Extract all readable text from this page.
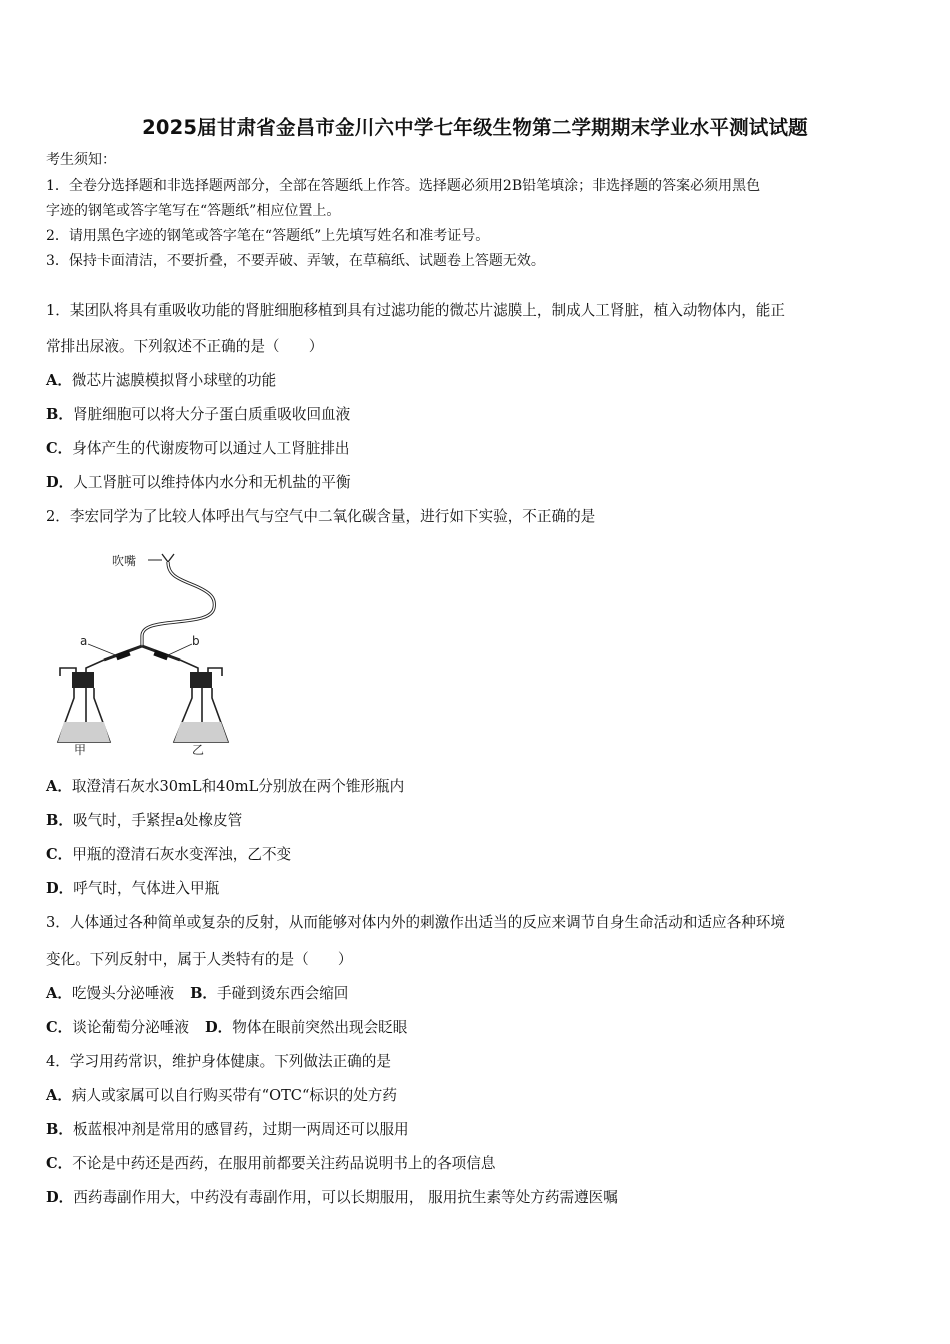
2025届甘肃省金昌市金川六中学七年级生物第二学期期末学业水平测试试题
考生须知：
1．全卷分选择题和非选择题两部分，全部在答题纸上作答。选择题必须用2B铅笔填涂；非选择题的答案必须用黑色
字迹的钢笔或答字笔写在“答题纸”相应位置上。
2．请用黑色字迹的钢笔或答字笔在“答题纸”上先填写姓名和准考证号。
3．保持卡面清洁，不要折叠，不要弄破、弄皱，在草稿纸、试题卷上答题无效。
1．某团队将具有重吸收功能的肾脏细胞移植到具有过滤功能的微芯片滤膜上，制成人工肾脏，植入动物体内，能正
常排出尿液。下列叙述不正确的是（　　）
A．微芯片滤膜模拟肾小球壁的功能
B．肾脏细胞可以将大分子蛋白质重吸收回血液
C．身体产生的代谢废物可以通过人工肾脏排出
D．人工肾脏可以维持体内水分和无机盐的平衡
2．李宏同学为了比较人体呼出气与空气中二氧化碳含量，进行如下实验，不正确的是
吹嘴
a	b
甲	乙
A．取澄清石灰水30mL和40mL分别放在两个锥形瓶内
B．吸气时，手紧捏a处橡皮管
C．甲瓶的澄清石灰水变浑浊，乙不变
D．呼气时，气体进入甲瓶
3．人体通过各种简单或复杂的反射，从而能够对体内外的刺激作出适当的反应来调节自身生命活动和适应各种环境
变化。下列反射中，属于人类特有的是（　　）
A．吃馒头分泌唾液 B．手碰到烫东西会缩回
C．谈论葡萄分泌唾液 D．物体在眼前突然出现会眨眼
4．学习用药常识，维护身体健康。下列做法正确的是
A．病人或家属可以自行购买带有“OTC“标识的处方药
B．板蓝根冲剂是常用的感冒药，过期一两周还可以服用
C．不论是中药还是西药，在服用前都要关注药品说明书上的各项信息
D．西药毒副作用大，中药没有毒副作用，可以长期服用， 服用抗生素等处方药需遵医嘱
